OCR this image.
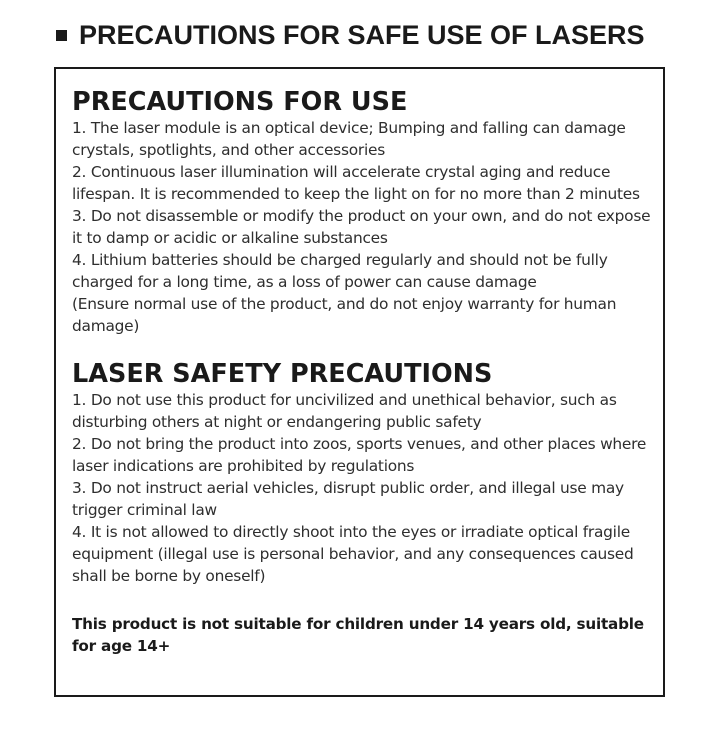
PRECAUTIONS FOR SAFE USE OF LASERS
PRECAUTIONS FOR USE

1. The laser module is an optical device; Bumping and falling can damage crystals, spotlights, and other accessories

2. Continuous laser illumination will accelerate crystal aging and reduce lifespan. It is recommended to keep the light on for no more than 2 minutes

3. Do not disassemble or modify the product on your own, and do not expose it to damp or acidic or alkaline substances

4. Lithium batteries should be charged regularly and should not be fully charged for a long time, as a loss of power can cause damage

(Ensure normal use of the product, and do not enjoy warranty for human damage)

LASER SAFETY PRECAUTIONS

1. Do not use this product for uncivilized and unethical behavior, such as disturbing others at night or endangering public safety

2. Do not bring the product into zoos, sports venues, and other places where laser indications are prohibited by regulations

3. Do not instruct aerial vehicles, disrupt public order, and illegal use may trigger criminal law

4. It is not allowed to directly shoot into the eyes or irradiate optical fragile equipment (illegal use is personal behavior, and any consequences caused shall be borne by oneself)

This product is not suitable for children under 14 years old, suitable for age 14+
